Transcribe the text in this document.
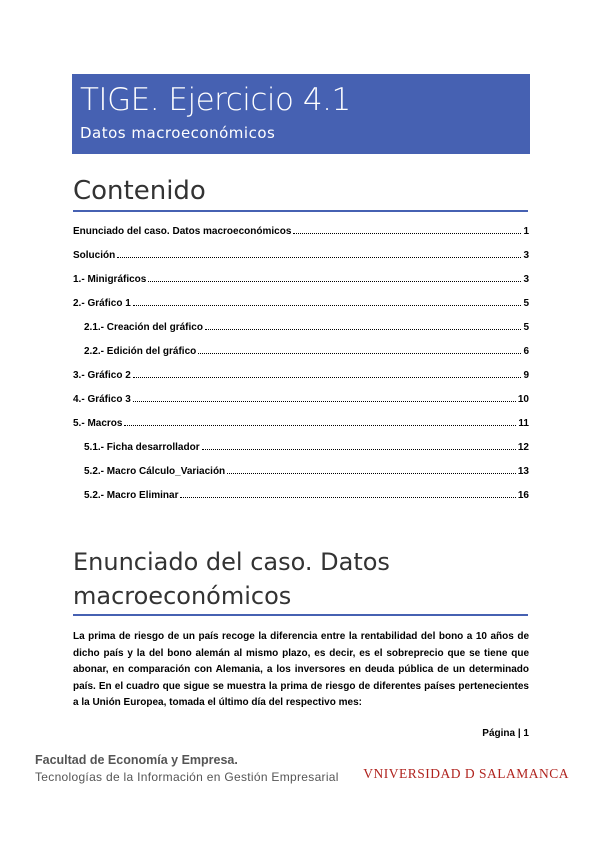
TIGE. Ejercicio 4.1
Datos macroeconómicos
Contenido
Enunciado del caso. Datos macroeconómicos	1
Solución	3
1.- Minigráficos	3
2.- Gráfico 1	5
2.1.- Creación del gráfico	5
2.2.- Edición del gráfico	6
3.- Gráfico 2	9
4.- Gráfico 3	10
5.- Macros	11
5.1.- Ficha desarrollador	12
5.2.- Macro Cálculo_Variación	13
5.2.- Macro Eliminar	16
Enunciado del caso. Datos macroeconómicos
La prima de riesgo de un país recoge la diferencia entre la rentabilidad del bono a 10 años de dicho país y la del bono alemán al mismo plazo, es decir, es el sobreprecio que se tiene que abonar, en comparación con Alemania, a los inversores en deuda pública de un determinado país. En el cuadro que sigue se muestra la prima de riesgo de diferentes países pertenecientes a la Unión Europea, tomada el último día del respectivo mes:
Página | 1
Facultad de Economía y Empresa.
Tecnologías de la Información en Gestión Empresarial VNIVERSIDAD D SALAMANCA
